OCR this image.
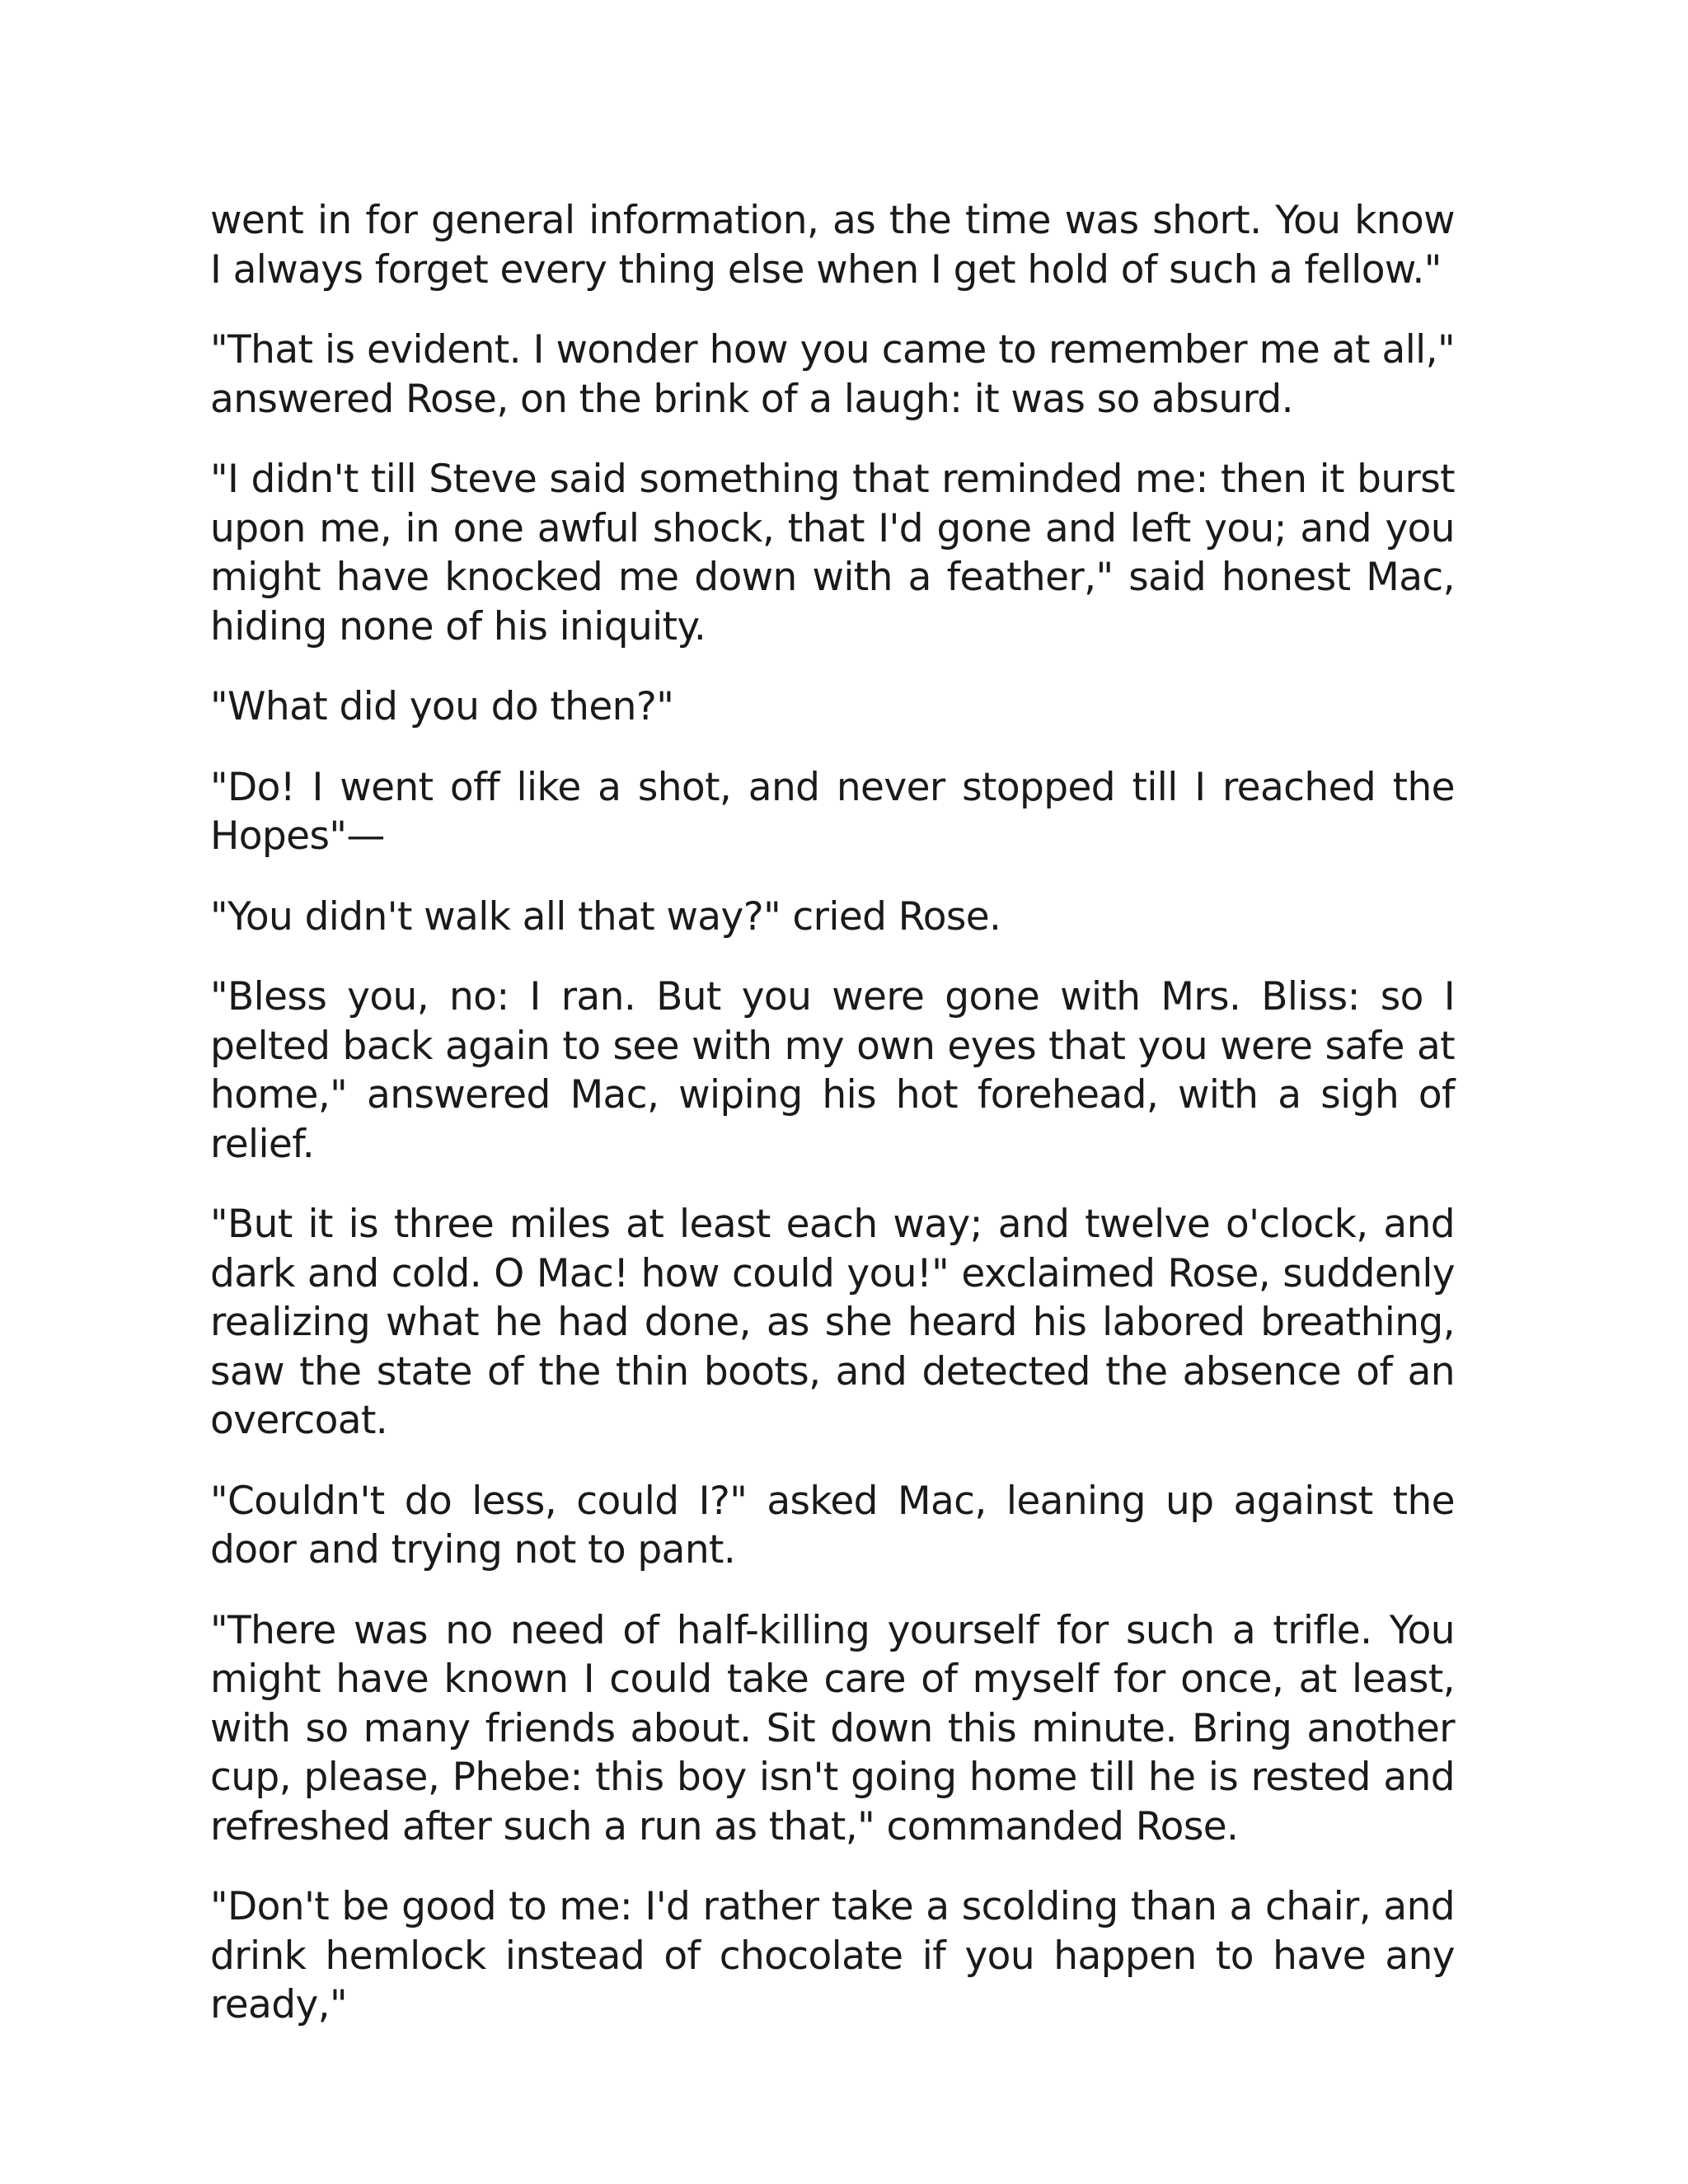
went in for general information, as the time was short. You know I always forget every thing else when I get hold of such a fellow."

"That is evident. I wonder how you came to remember me at all," answered Rose, on the brink of a laugh: it was so absurd.

"I didn't till Steve said something that reminded me: then it burst upon me, in one awful shock, that I'd gone and left you; and you might have knocked me down with a feather," said honest Mac, hiding none of his iniquity.

"What did you do then?"

"Do! I went off like a shot, and never stopped till I reached the Hopes"—

"You didn't walk all that way?" cried Rose.

"Bless you, no: I ran. But you were gone with Mrs. Bliss: so I pelted back again to see with my own eyes that you were safe at home," answered Mac, wiping his hot forehead, with a sigh of relief.

"But it is three miles at least each way; and twelve o'clock, and dark and cold. O Mac! how could you!" exclaimed Rose, suddenly realizing what he had done, as she heard his labored breathing, saw the state of the thin boots, and detected the absence of an overcoat.

"Couldn't do less, could I?" asked Mac, leaning up against the door and trying not to pant.

"There was no need of half-killing yourself for such a trifle. You might have known I could take care of myself for once, at least, with so many friends about. Sit down this minute. Bring another cup, please, Phebe: this boy isn't going home till he is rested and refreshed after such a run as that," commanded Rose.

"Don't be good to me: I'd rather take a scolding than a chair, and drink hemlock instead of chocolate if you happen to have any ready,"
